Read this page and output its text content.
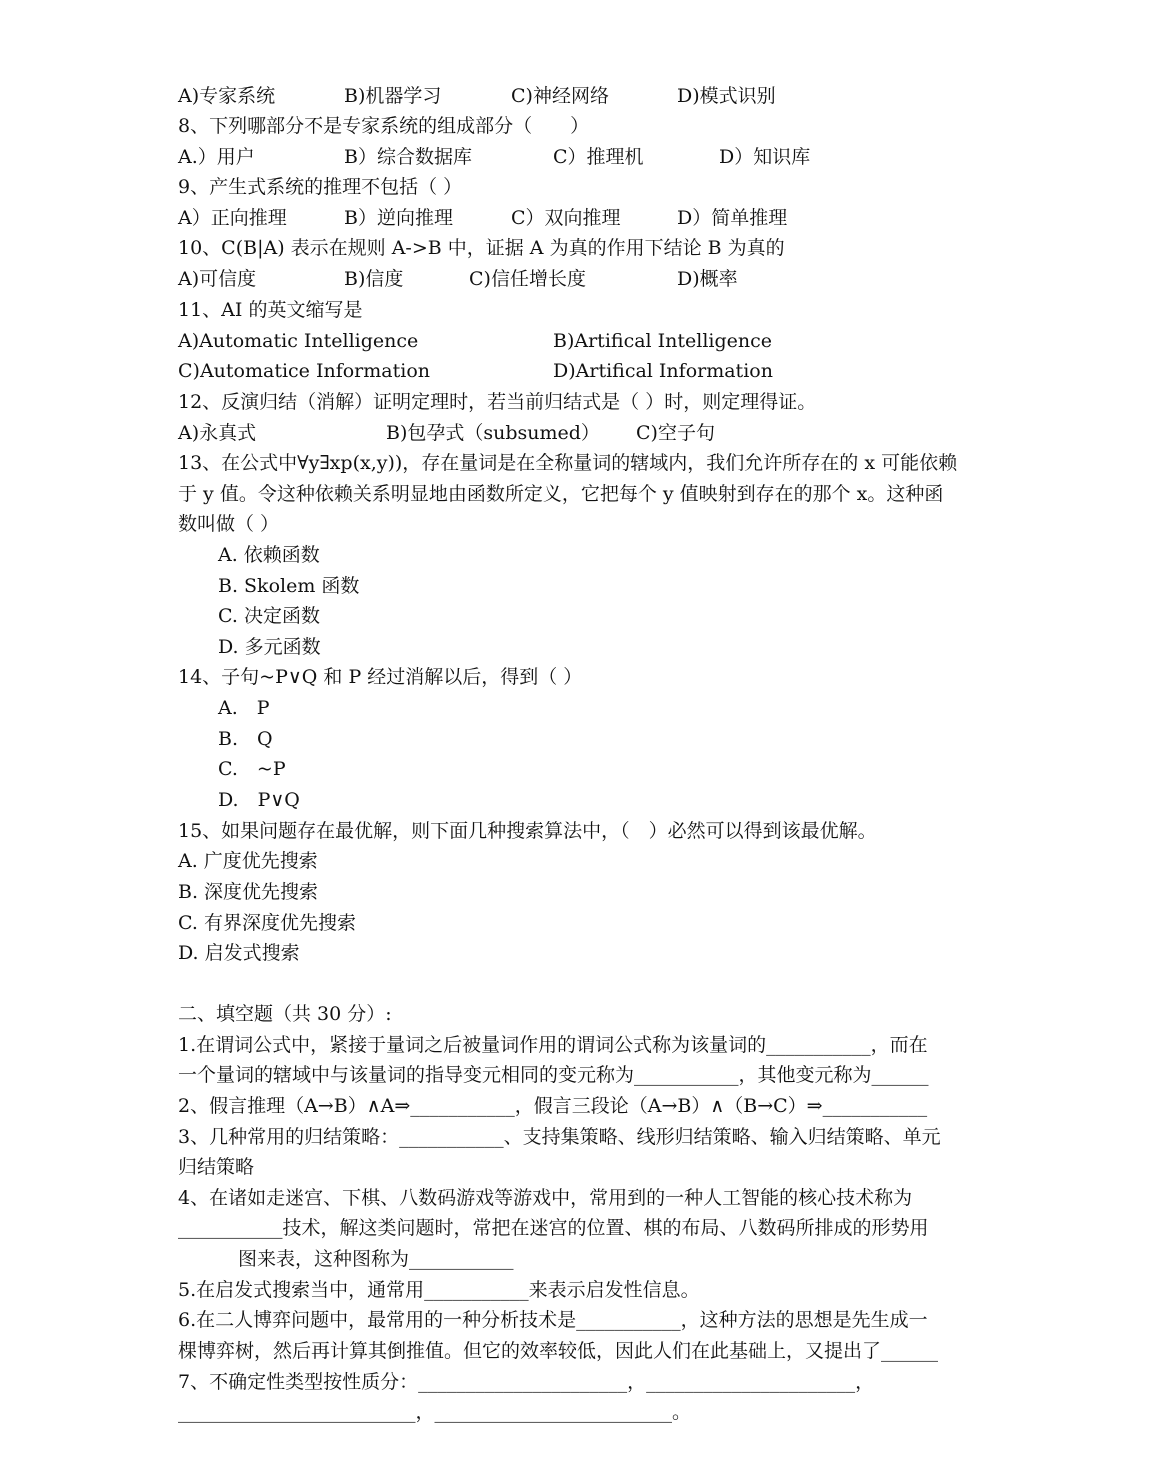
A)专家系统	B)机器学习	C)神经网络	D)模式识别
8、下列哪部分不是专家系统的组成部分（　　）
A.）用户	B）综合数据库	C）推理机	D）知识库
9、产生式系统的推理不包括（ ）
A）正向推理	B）逆向推理	C）双向推理	D）简单推理
10、C(B|A) 表示在规则 A->B 中，证据 A 为真的作用下结论 B 为真的
A)可信度	B)信度	C)信任增长度	D)概率
11、AI 的英文缩写是
A)Automatic Intelligence	B)Artifical Intelligence
C)Automatice Information	D)Artifical Information
12、反演归结（消解）证明定理时，若当前归结式是（ ）时，则定理得证。
A)永真式	B)包孕式（subsumed） C)空子句
13、在公式中∀y∃xp(x,y))，存在量词是在全称量词的辖域内，我们允许所存在的 x 可能依赖
于 y 值。令这种依赖关系明显地由函数所定义，它把每个 y 值映射到存在的那个 x。这种函
数叫做（ ）
A. 依赖函数
B. Skolem 函数
C. 决定函数
D. 多元函数
14、子句~P∨Q 和 P 经过消解以后，得到（ ）
A.　P
B.　Q
C.　~P
D.　P∨Q
15、如果问题存在最优解，则下面几种搜索算法中，（　）必然可以得到该最优解。
A. 广度优先搜索
B. 深度优先搜索
C. 有界深度优先搜索
D. 启发式搜索
二、填空题（共 30 分）:
1.在谓词公式中，紧接于量词之后被量词作用的谓词公式称为该量词的___________，而在
一个量词的辖域中与该量词的指导变元相同的变元称为___________，其他变元称为______
2、假言推理（A→B）∧A⇒___________，假言三段论（A→B）∧（B→C）⇒___________
3、几种常用的归结策略：___________、支持集策略、线形归结策略、输入归结策略、单元
归结策略
4、在诸如走迷宫、下棋、八数码游戏等游戏中，常用到的一种人工智能的核心技术称为
___________技术，解这类问题时，常把在迷宫的位置、棋的布局、八数码所排成的形势用
图来表，这种图称为___________
5.在启发式搜索当中，通常用___________来表示启发性信息。
6.在二人博弈问题中，最常用的一种分析技术是___________，这种方法的思想是先生成一
棵博弈树，然后再计算其倒推值。但它的效率较低，因此人们在此基础上，又提出了______
7、不确定性类型按性质分：______________________，______________________，
_________________________，_________________________。
